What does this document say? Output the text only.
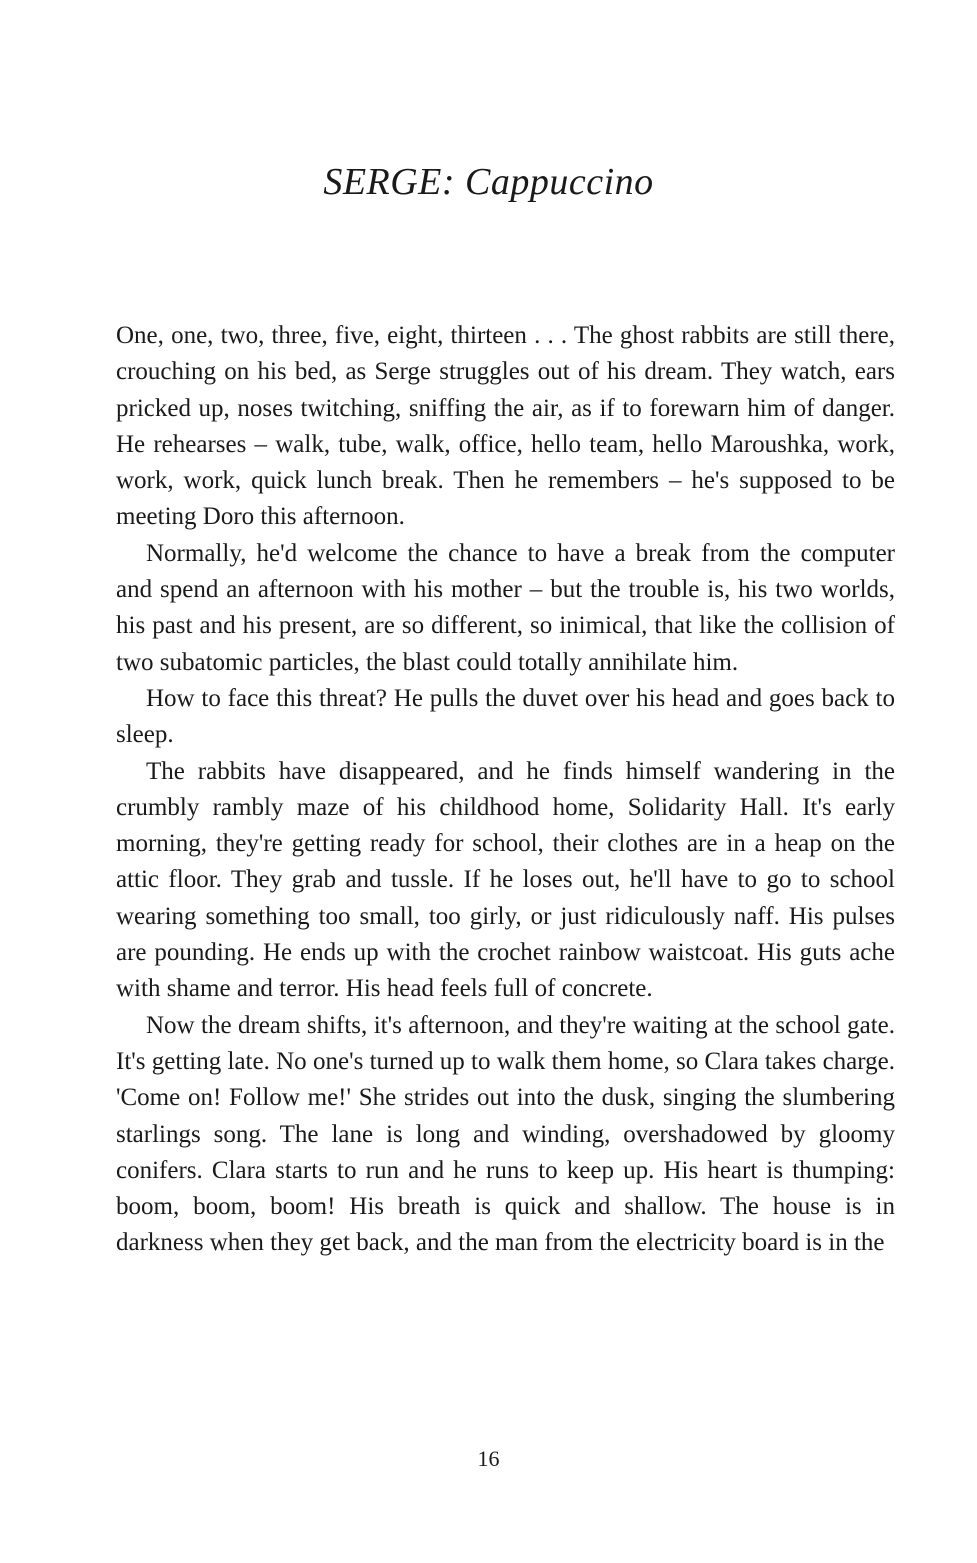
SERGE: Cappuccino

One, one, two, three, five, eight, thirteen . . . The ghost rabbits are still there, crouching on his bed, as Serge struggles out of his dream. They watch, ears pricked up, noses twitching, sniffing the air, as if to forewarn him of danger. He rehearses – walk, tube, walk, office, hello team, hello Maroushka, work, work, work, quick lunch break. Then he remembers – he's supposed to be meeting Doro this afternoon.

Normally, he'd welcome the chance to have a break from the computer and spend an afternoon with his mother – but the trouble is, his two worlds, his past and his present, are so different, so inimical, that like the collision of two subatomic particles, the blast could totally annihilate him.

How to face this threat? He pulls the duvet over his head and goes back to sleep.

The rabbits have disappeared, and he finds himself wandering in the crumbly rambly maze of his childhood home, Solidarity Hall. It's early morning, they're getting ready for school, their clothes are in a heap on the attic floor. They grab and tussle. If he loses out, he'll have to go to school wearing something too small, too girly, or just ridiculously naff. His pulses are pounding. He ends up with the crochet rainbow waistcoat. His guts ache with shame and terror. His head feels full of concrete.

Now the dream shifts, it's afternoon, and they're waiting at the school gate. It's getting late. No one's turned up to walk them home, so Clara takes charge. 'Come on! Follow me!' She strides out into the dusk, singing the slumbering starlings song. The lane is long and winding, overshadowed by gloomy conifers. Clara starts to run and he runs to keep up. His heart is thumping: boom, boom, boom! His breath is quick and shallow. The house is in darkness when they get back, and the man from the electricity board is in the

16
